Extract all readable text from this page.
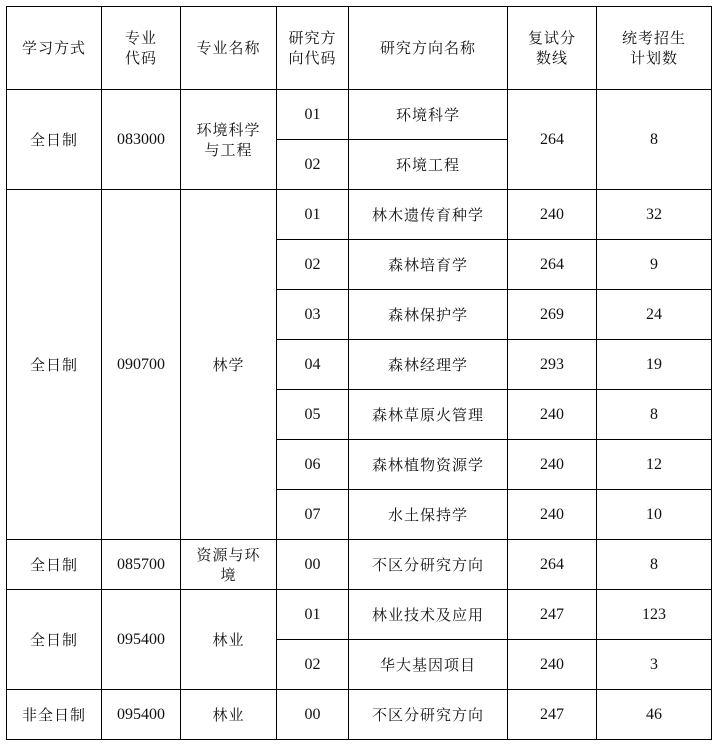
学习方式	专业代码	专业名称	研究方向代码	研究方向名称	复试分数线	统考招生计划数
全日制	083000	环境科学与工程	01	环境科学	264	8
			02	环境工程		
全日制	090700	林学	01	林木遗传育种学	240	32
			02	森林培育学	264	9
			03	森林保护学	269	24
			04	森林经理学	293	19
			05	森林草原火管理	240	8
			06	森林植物资源学	240	12
			07	水土保持学	240	10
全日制	085700	资源与环境	00	不区分研究方向	264	8
全日制	095400	林业	01	林业技术及应用	247	123
			02	华大基因项目	240	3
非全日制	095400	林业	00	不区分研究方向	247	46
